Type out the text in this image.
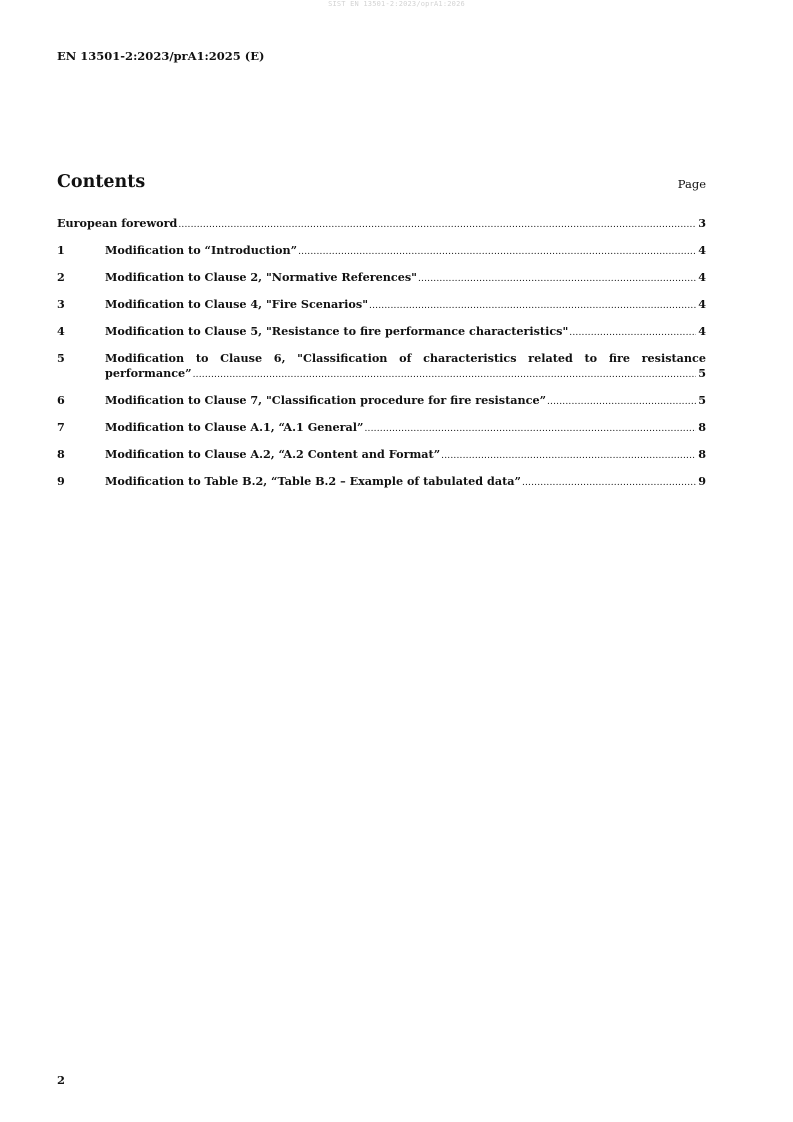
SIST EN 13501-2:2023/oprA1:2026
EN 13501-2:2023/prA1:2025 (E)
Contents	Page
European foreword .....	3
1	Modification to “Introduction” .....	4
2	Modification to Clause 2, "Normative References" .....	4
3	Modification to Clause 4, "Fire Scenarios" .....	4
4	Modification to Clause 5, "Resistance to fire performance characteristics" .....	4
5	Modification to Clause 6, "Classification of characteristics related to fire resistance
performance” .....	5
6	Modification to Clause 7, "Classification procedure for fire resistance” .....	5
7	Modification to Clause A.1, “A.1 General” .....	8
8	Modification to Clause A.2, “A.2 Content and Format” .....	8
9	Modification to Table B.2, “Table B.2 – Example of tabulated data” .....	9
2
